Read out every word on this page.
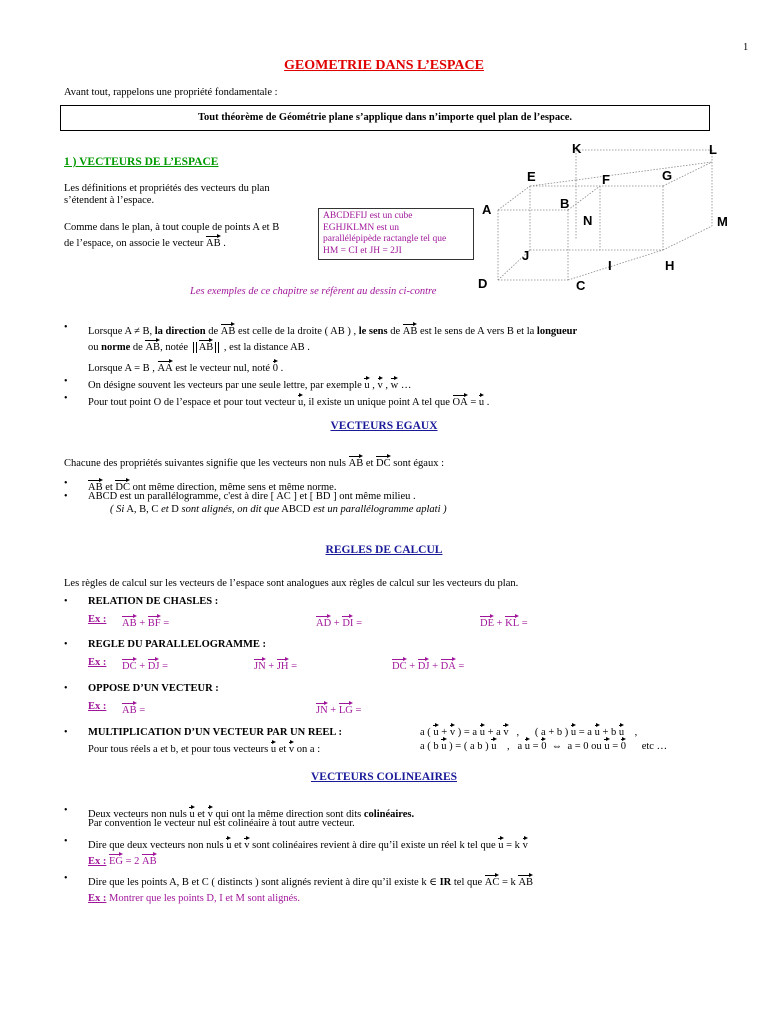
1
GEOMETRIE DANS L’ESPACE
Avant tout, rappelons une propriété fondamentale :
Tout théorème de Géométrie plane s’applique dans n’importe quel plan de l’espace.
1 ) VECTEURS DE L’ESPACE
Les définitions et propriétés des vecteurs du plan
s’étendent à l’espace.
Comme dans le plan, à tout couple de points A et B
de l’espace, on associe le vecteur AB .
ABCDEFIJ est un cube
EGHJKLMN est un
parallélépipède ractangle tel que
HM = CI et JH = 2JI
Les exemples de ce chapitre se réfèrent au dessin ci-contre
K	L
E	F	G
A	B
N	M
J
I	H
D	C
• Lorsque A ≠ B, la direction de AB est celle de la droite ( AB ) , le sens de AB est le sens de A vers B et la longueur
ou norme de AB, notée AB , est la distance AB .
Lorsque A = B , AA est le vecteur nul, noté 0 .
• On désigne souvent les vecteurs par une seule lettre, par exemple u , v , w …
• Pour tout point O de l’espace et pour tout vecteur u, il existe un unique point A tel que OA = u .
VECTEURS EGAUX
Chacune des propriétés suivantes signifie que les vecteurs non nuls AB et DC sont égaux :
• AB et DC ont même direction, même sens et même norme.
• ABCD est un parallélogramme, c'est à dire [ AC ] et [ BD ] ont même milieu .
( Si A, B, C et D sont alignés, on dit que ABCD est un parallélogramme aplati )
REGLES DE CALCUL
Les règles de calcul sur les vecteurs de l’espace sont analogues aux règles de calcul sur les vecteurs du plan.
• RELATION DE CHASLES :
Ex : AB + BF =	AD + DI =	DE + KL =
• REGLE DU PARALLELOGRAMME :
Ex : DC + DJ =	JN + JH =	DC + DJ + DA =
• OPPOSE D’UN VECTEUR :
Ex : AB =	JN + LG =
• MULTIPLICATION D’UN VECTEUR PAR UN REEL :
Pour tous réels a et b, et pour tous vecteurs u et v on a :
a ( u + v ) = a u + a v   ,      ( a + b ) u = a u + b u    ,
a ( b u ) = ( a b ) u    ,   a u = 0  ⇔  a = 0 ou u = 0      etc …
VECTEURS COLINEAIRES
• Deux vecteurs non nuls u et v qui ont la même direction sont dits colinéaires.
Par convention le vecteur nul est colinéaire à tout autre vecteur.
• Dire que deux vecteurs non nuls u et v sont colinéaires revient à dire qu’il existe un réel k tel que u = k v
Ex : EG = 2 AB
• Dire que les points A, B et C ( distincts ) sont alignés revient à dire qu’il existe k ∈ IR tel que AC = k AB
Ex : Montrer que les points D, I et M sont alignés.
